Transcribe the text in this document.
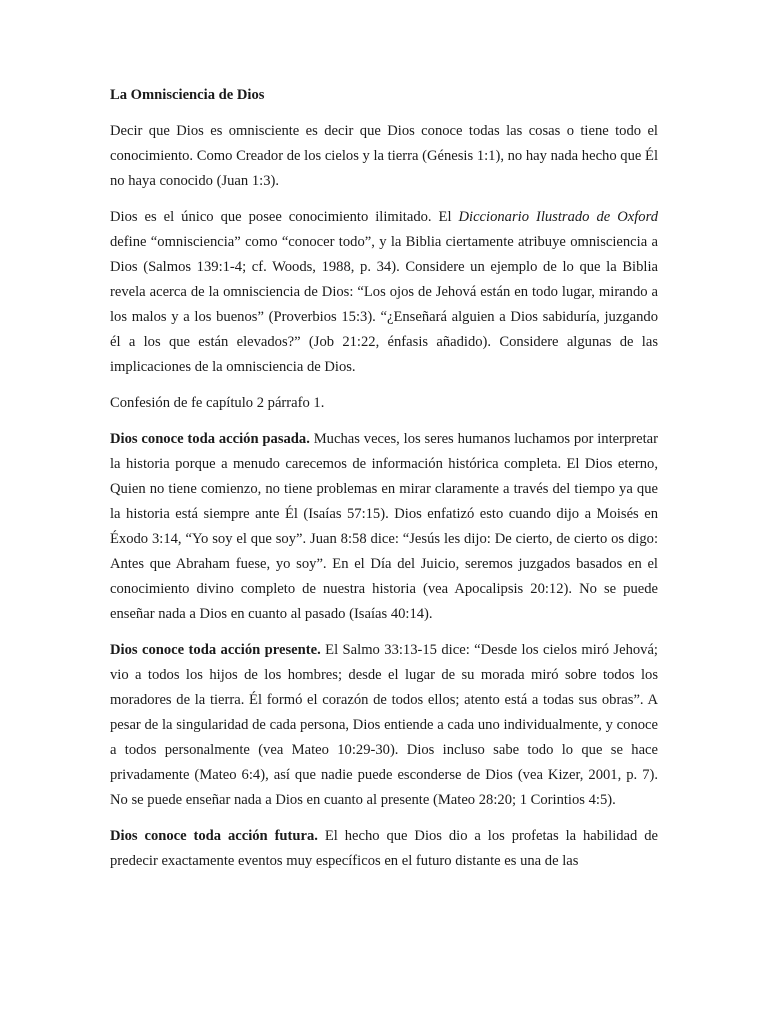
La Omnisciencia de Dios

Decir que Dios es omnisciente es decir que Dios conoce todas las cosas o tiene todo el conocimiento. Como Creador de los cielos y la tierra (Génesis 1:1), no hay nada hecho que Él no haya conocido (Juan 1:3).

Dios es el único que posee conocimiento ilimitado. El Diccionario Ilustrado de Oxford define “omnisciencia” como “conocer todo”, y la Biblia ciertamente atribuye omnisciencia a Dios (Salmos 139:1-4; cf. Woods, 1988, p. 34). Considere un ejemplo de lo que la Biblia revela acerca de la omnisciencia de Dios: “Los ojos de Jehová están en todo lugar, mirando a los malos y a los buenos” (Proverbios 15:3). “¿Enseñará alguien a Dios sabiduría, juzgando él a los que están elevados?” (Job 21:22, énfasis añadido). Considere algunas de las implicaciones de la omnisciencia de Dios.

Confesión de fe capítulo 2 párrafo 1.

Dios conoce toda acción pasada. Muchas veces, los seres humanos luchamos por interpretar la historia porque a menudo carecemos de información histórica completa. El Dios eterno, Quien no tiene comienzo, no tiene problemas en mirar claramente a través del tiempo ya que la historia está siempre ante Él (Isaías 57:15). Dios enfatizó esto cuando dijo a Moisés en Éxodo 3:14, “Yo soy el que soy”. Juan 8:58 dice: “Jesús les dijo: De cierto, de cierto os digo: Antes que Abraham fuese, yo soy”. En el Día del Juicio, seremos juzgados basados en el conocimiento divino completo de nuestra historia (vea Apocalipsis 20:12). No se puede enseñar nada a Dios en cuanto al pasado (Isaías 40:14).

Dios conoce toda acción presente. El Salmo 33:13-15 dice: “Desde los cielos miró Jehová; vio a todos los hijos de los hombres; desde el lugar de su morada miró sobre todos los moradores de la tierra. Él formó el corazón de todos ellos; atento está a todas sus obras”. A pesar de la singularidad de cada persona, Dios entiende a cada uno individualmente, y conoce a todos personalmente (vea Mateo 10:29-30). Dios incluso sabe todo lo que se hace privadamente (Mateo 6:4), así que nadie puede esconderse de Dios (vea Kizer, 2001, p. 7). No se puede enseñar nada a Dios en cuanto al presente (Mateo 28:20; 1 Corintios 4:5).

Dios conoce toda acción futura. El hecho que Dios dio a los profetas la habilidad de predecir exactamente eventos muy específicos en el futuro distante es una de las
